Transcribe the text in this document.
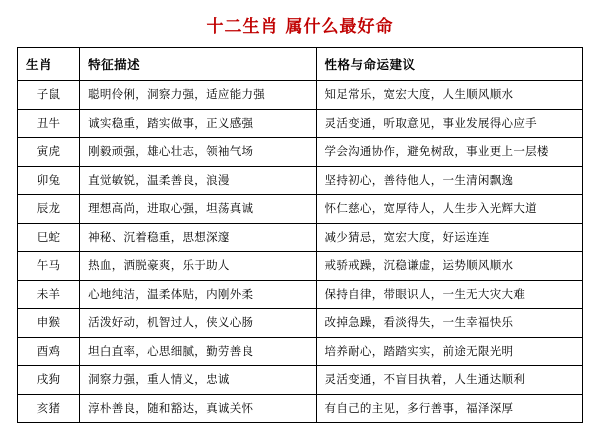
十二生肖 属什么最好命
生肖	特征描述	性格与命运建议
子鼠	聪明伶俐，洞察力强，适应能力强	知足常乐，宽宏大度，人生顺风顺水
丑牛	诚实稳重，踏实做事，正义感强	灵活变通，听取意见，事业发展得心应手
寅虎	刚毅顽强，雄心壮志，领袖气场	学会沟通协作，避免树敌，事业更上一层楼
卯兔	直觉敏锐，温柔善良，浪漫	坚持初心，善待他人，一生清闲飘逸
辰龙	理想高尚，进取心强，坦荡真诚	怀仁慈心，宽厚待人，人生步入光辉大道
巳蛇	神秘、沉着稳重，思想深邃	减少猜忌，宽宏大度，好运连连
午马	热血，洒脱豪爽，乐于助人	戒骄戒躁，沉稳谦虚，运势顺风顺水
未羊	心地纯洁，温柔体贴，内刚外柔	保持自律，带眼识人，一生无大灾大难
申猴	活泼好动，机智过人，侠义心肠	改掉急躁，看淡得失，一生幸福快乐
酉鸡	坦白直率，心思细腻，勤劳善良	培养耐心，踏踏实实，前途无限光明
戌狗	洞察力强，重人情义，忠诚	灵活变通，不盲目执着，人生通达顺利
亥猪	淳朴善良，随和豁达，真诚关怀	有自己的主见，多行善事，福泽深厚
